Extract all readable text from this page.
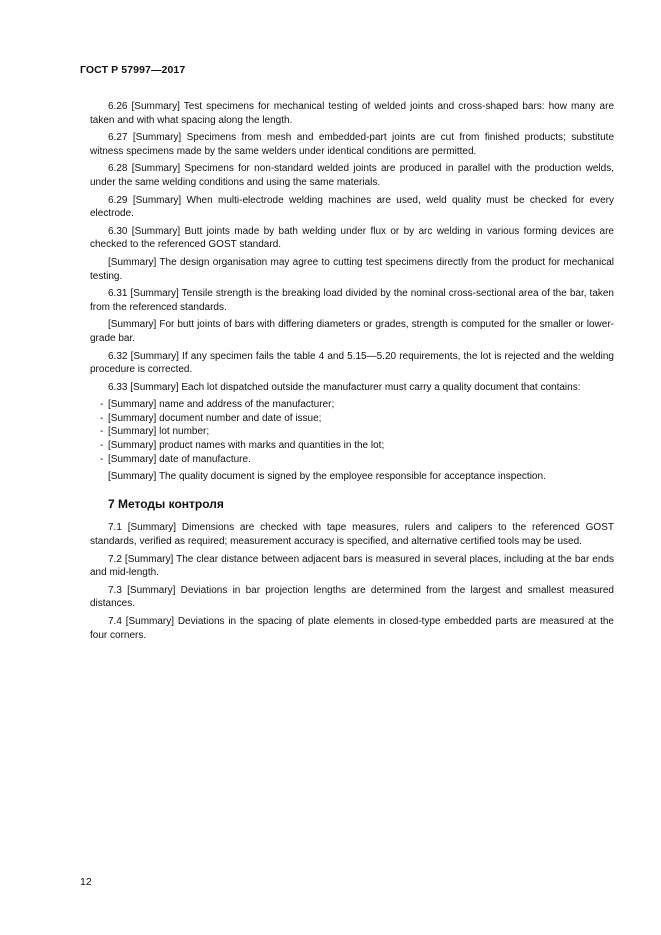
ГОСТ Р 57997—2017

6.26 [Summary] Test specimens for mechanical testing of welded joints and cross-shaped bars: how many are taken and with what spacing along the length.

6.27 [Summary] Specimens from mesh and embedded-part joints are cut from finished products; substitute witness specimens made by the same welders under identical conditions are permitted.

6.28 [Summary] Specimens for non-standard welded joints are produced in parallel with the production welds, under the same welding conditions and using the same materials.

6.29 [Summary] When multi-electrode welding machines are used, weld quality must be checked for every electrode.

6.30 [Summary] Butt joints made by bath welding under flux or by arc welding in various forming devices are checked to the referenced GOST standard.

[Summary] The design organisation may agree to cutting test specimens directly from the product for mechanical testing.

6.31 [Summary] Tensile strength is the breaking load divided by the nominal cross-sectional area of the bar, taken from the referenced standards.

[Summary] For butt joints of bars with differing diameters or grades, strength is computed for the smaller or lower-grade bar.

6.32 [Summary] If any specimen fails the table 4 and 5.15—5.20 requirements, the lot is rejected and the welding procedure is corrected.

6.33 [Summary] Each lot dispatched outside the manufacturer must carry a quality document that contains:

- [Summary] name and address of the manufacturer;
- [Summary] document number and date of issue;
- [Summary] lot number;
- [Summary] product names with marks and quantities in the lot;
- [Summary] date of manufacture.

[Summary] The quality document is signed by the employee responsible for acceptance inspection.

7 Методы контроля

7.1 [Summary] Dimensions are checked with tape measures, rulers and calipers to the referenced GOST standards, verified as required; measurement accuracy is specified, and alternative certified tools may be used.

7.2 [Summary] The clear distance between adjacent bars is measured in several places, including at the bar ends and mid-length.

7.3 [Summary] Deviations in bar projection lengths are determined from the largest and smallest measured distances.

7.4 [Summary] Deviations in the spacing of plate elements in closed-type embedded parts are measured at the four corners.

12
